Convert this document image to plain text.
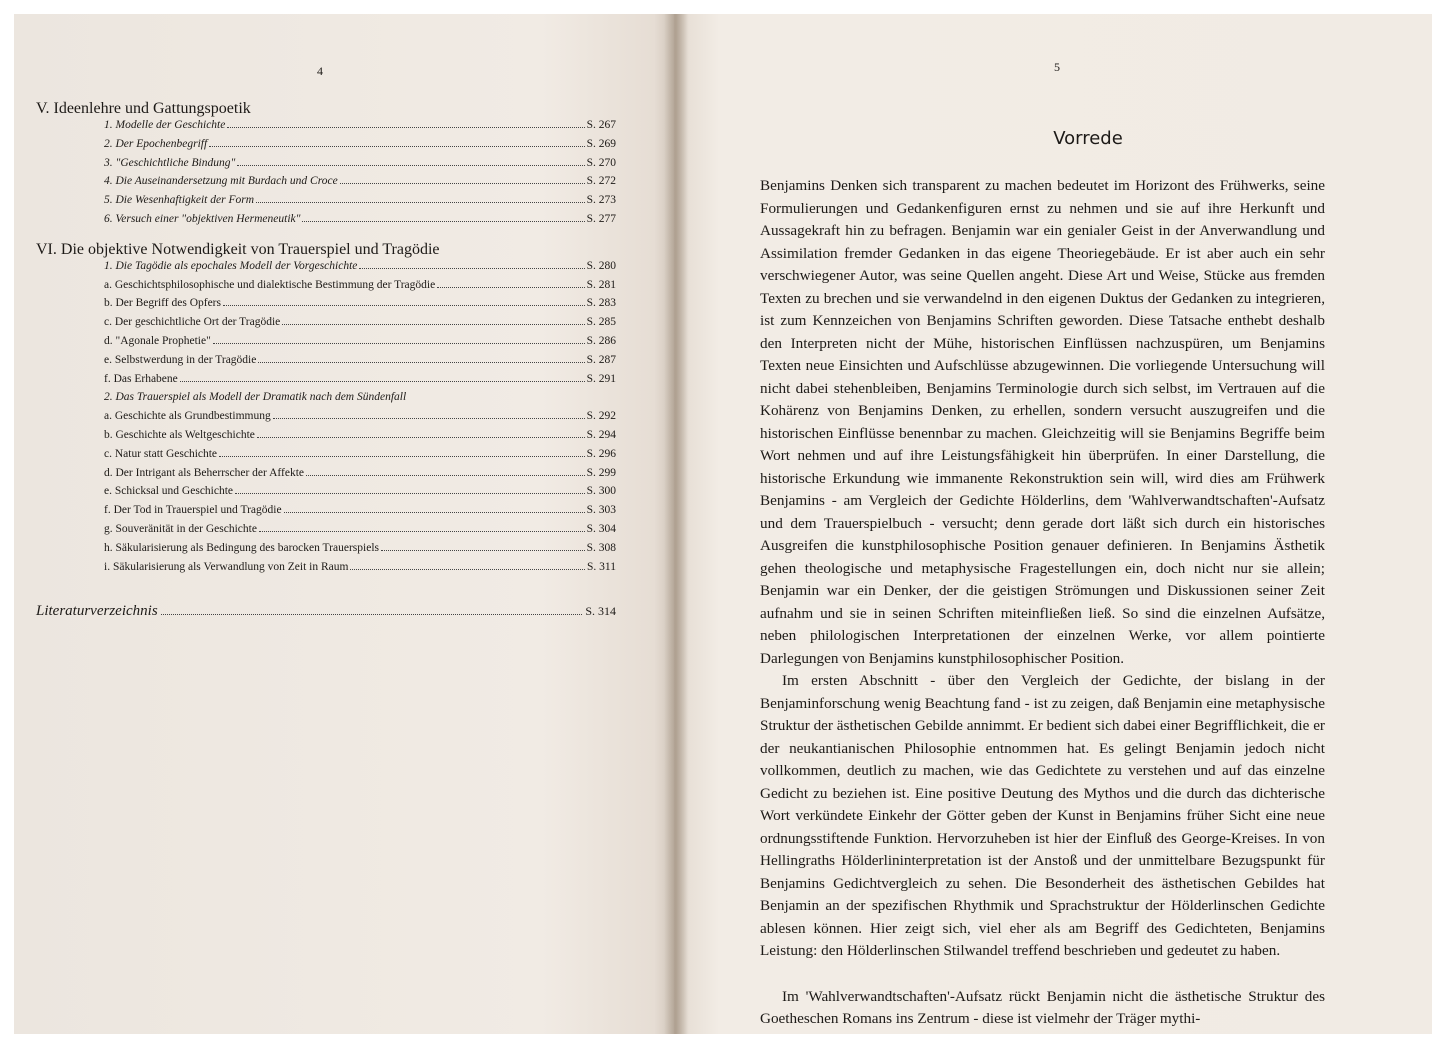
4
V. Ideenlehre und Gattungspoetik
1. Modelle der Geschichte	S. 267
2. Der Epochenbegriff	S. 269
3. "Geschichtliche Bindung"	S. 270
4. Die Auseinandersetzung mit Burdach und Croce	S. 272
5. Die Wesenhaftigkeit der Form	S. 273
6. Versuch einer "objektiven Hermeneutik"	S. 277
VI. Die objektive Notwendigkeit von Trauerspiel und Tragödie
1. Die Tagödie als epochales Modell der Vorgeschichte	S. 280
a. Geschichtsphilosophische und dialektische Bestimmung der Tragödie	S. 281
b. Der Begriff des Opfers	S. 283
c. Der geschichtliche Ort der Tragödie	S. 285
d. "Agonale Prophetie"	S. 286
e. Selbstwerdung in der Tragödie	S. 287
f. Das Erhabene	S. 291
2. Das Trauerspiel als Modell der Dramatik nach dem Sündenfall
a. Geschichte als Grundbestimmung	S. 292
b. Geschichte als Weltgeschichte	S. 294
c. Natur statt Geschichte	S. 296
d. Der Intrigant als Beherrscher der Affekte	S. 299
e. Schicksal und Geschichte	S. 300
f. Der Tod in Trauerspiel und Tragödie	S. 303
g. Souveränität in der Geschichte	S. 304
h. Säkularisierung als Bedingung des barocken Trauerspiels	S. 308
i. Säkularisierung als Verwandlung von Zeit in Raum	S. 311
Literaturverzeichnis	S. 314
5
Vorrede

Benjamins Denken sich transparent zu machen bedeutet im Horizont des Frühwerks, seine Formulierungen und Gedankenfiguren ernst zu nehmen und sie auf ihre Herkunft und Aussagekraft hin zu befragen. Benjamin war ein genialer Geist in der Anverwandlung und Assimilation fremder Gedanken in das eigene Theoriegebäude. Er ist aber auch ein sehr verschwiegener Autor, was seine Quellen angeht. Diese Art und Weise, Stücke aus fremden Texten zu brechen und sie verwandelnd in den eigenen Duktus der Gedanken zu integrieren, ist zum Kennzeichen von Benjamins Schriften geworden. Diese Tatsache enthebt deshalb den Interpreten nicht der Mühe, historischen Einflüssen nachzuspüren, um Benjamins Texten neue Einsichten und Aufschlüsse abzugewinnen. Die vorliegende Untersuchung will nicht dabei stehenbleiben, Benjamins Terminologie durch sich selbst, im Vertrauen auf die Kohärenz von Benjamins Denken, zu erhellen, sondern versucht auszugreifen und die historischen Einflüsse benennbar zu machen. Gleichzeitig will sie Benjamins Begriffe beim Wort nehmen und auf ihre Leistungsfähigkeit hin überprüfen. In einer Darstellung, die historische Erkundung wie immanente Rekonstruktion sein will, wird dies am Frühwerk Benjamins - am Vergleich der Gedichte Hölderlins, dem 'Wahlverwandtschaften'-Aufsatz und dem Trauerspielbuch - versucht; denn gerade dort läßt sich durch ein historisches Ausgreifen die kunstphilosophische Position genauer definieren. In Benjamins Ästhetik gehen theologische und metaphysische Fragestellungen ein, doch nicht nur sie allein; Benjamin war ein Denker, der die geistigen Strömungen und Diskussionen seiner Zeit aufnahm und sie in seinen Schriften miteinfließen ließ. So sind die einzelnen Aufsätze, neben philologischen Interpretationen der einzelnen Werke, vor allem pointierte Darlegungen von Benjamins kunstphilosophischer Position.

Im ersten Abschnitt - über den Vergleich der Gedichte, der bislang in der Benjaminforschung wenig Beachtung fand - ist zu zeigen, daß Benjamin eine metaphysische Struktur der ästhetischen Gebilde annimmt. Er bedient sich dabei einer Begrifflichkeit, die er der neukantianischen Philosophie entnommen hat. Es gelingt Benjamin jedoch nicht vollkommen, deutlich zu machen, wie das Gedichtete zu verstehen und auf das einzelne Gedicht zu beziehen ist. Eine positive Deutung des Mythos und die durch das dichterische Wort verkündete Einkehr der Götter geben der Kunst in Benjamins früher Sicht eine neue ordnungsstiftende Funktion. Hervorzuheben ist hier der Einfluß des George-Kreises. In von Hellingraths Hölderlininterpretation ist der Anstoß und der unmittelbare Bezugspunkt für Benjamins Gedichtvergleich zu sehen. Die Besonderheit des ästhetischen Gebildes hat Benjamin an der spezifischen Rhythmik und Sprachstruktur der Hölderlinschen Gedichte ablesen können. Hier zeigt sich, viel eher als am Begriff des Gedichteten, Benjamins Leistung: den Hölderlinschen Stilwandel treffend beschrieben und gedeutet zu haben.

Im 'Wahlverwandtschaften'-Aufsatz rückt Benjamin nicht die ästhetische Struktur des Goetheschen Romans ins Zentrum - diese ist vielmehr der Träger mythi-
